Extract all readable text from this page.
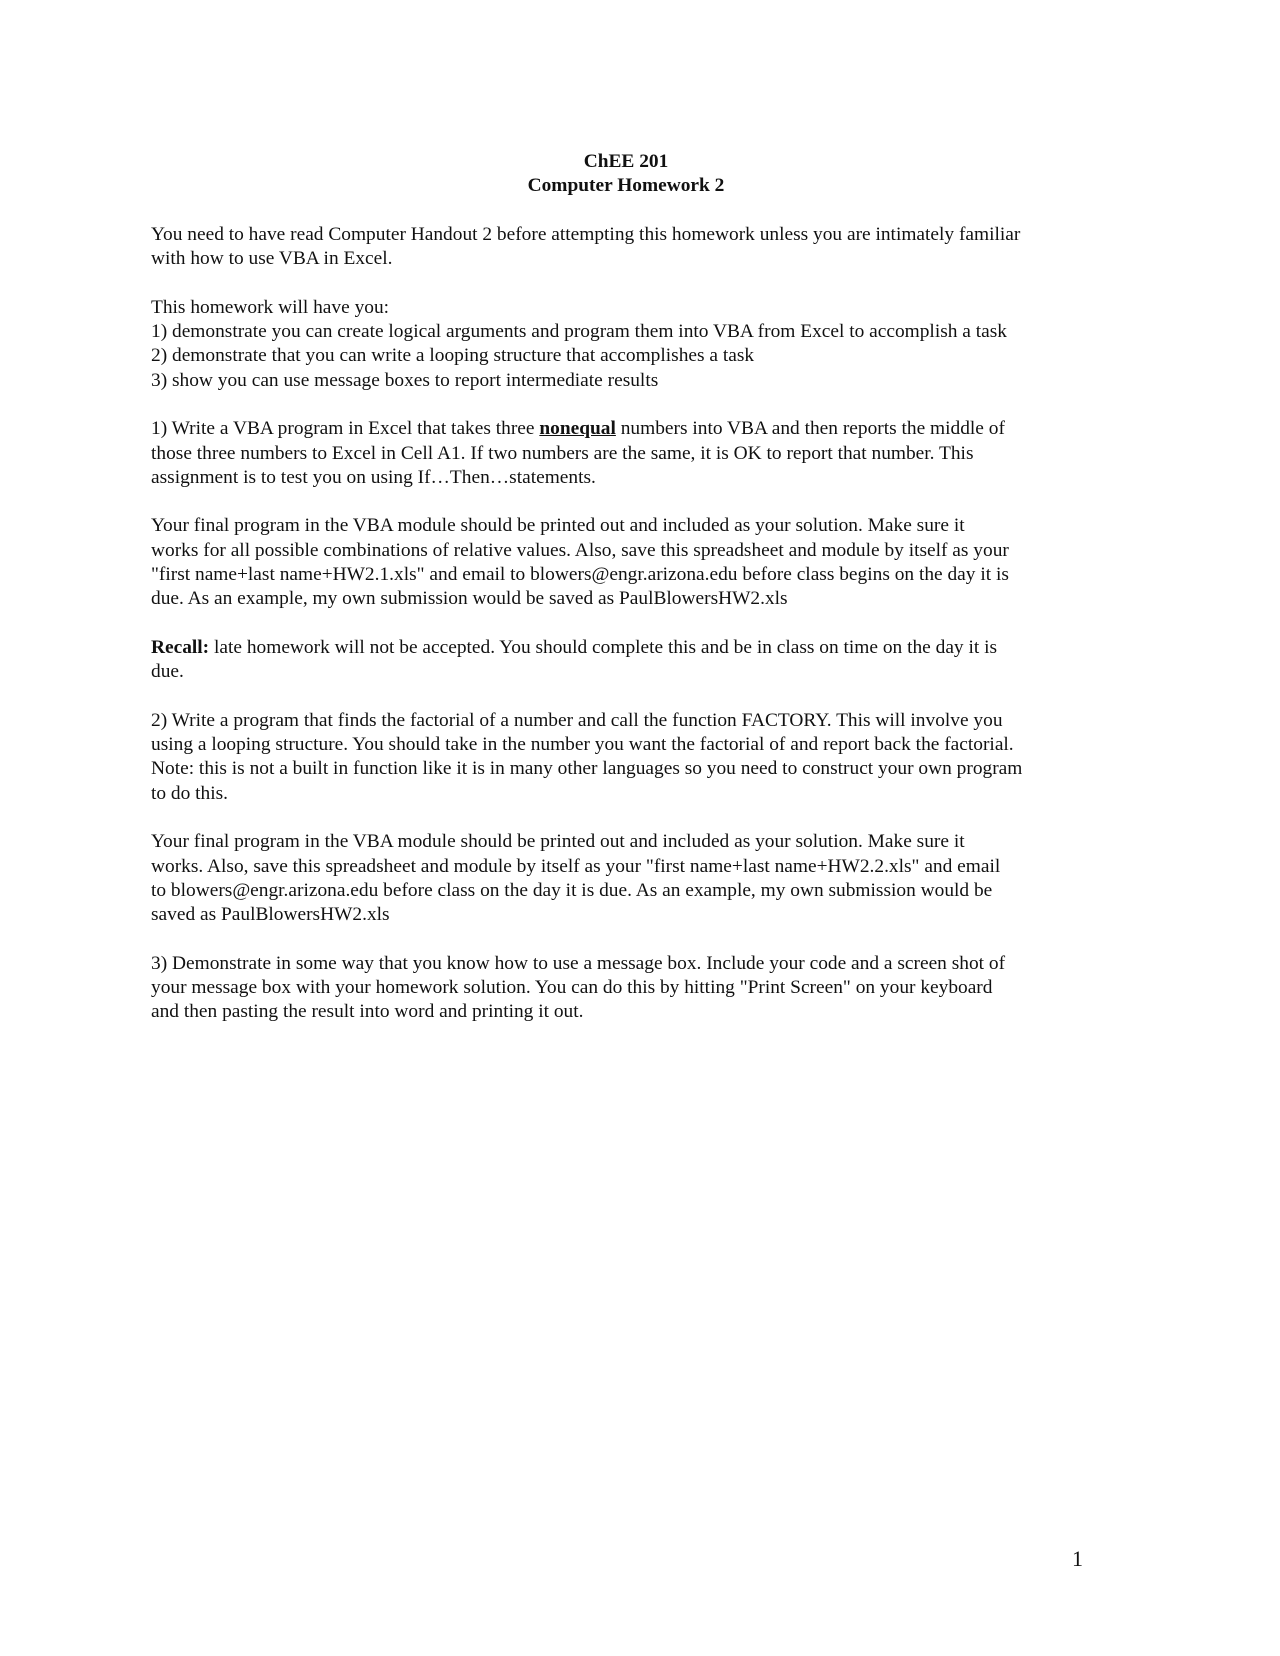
ChEE 201

Computer Homework 2

You need to have read Computer Handout 2 before attempting this homework unless you are intimately familiar
with how to use VBA in Excel.

This homework will have you:
1) demonstrate you can create logical arguments and program them into VBA from Excel to accomplish a task
2) demonstrate that you can write a looping structure that accomplishes a task
3) show you can use message boxes to report intermediate results

1) Write a VBA program in Excel that takes three nonequal numbers into VBA and then reports the middle of
those three numbers to Excel in Cell A1. If two numbers are the same, it is OK to report that number. This
assignment is to test you on using If…Then…statements.

Your final program in the VBA module should be printed out and included as your solution. Make sure it
works for all possible combinations of relative values. Also, save this spreadsheet and module by itself as your
"first name+last name+HW2.1.xls" and email to blowers@engr.arizona.edu before class begins on the day it is
due. As an example, my own submission would be saved as PaulBlowersHW2.xls

Recall: late homework will not be accepted. You should complete this and be in class on time on the day it is
due.

2) Write a program that finds the factorial of a number and call the function FACTORY. This will involve you
using a looping structure. You should take in the number you want the factorial of and report back the factorial.
Note: this is not a built in function like it is in many other languages so you need to construct your own program
to do this.

Your final program in the VBA module should be printed out and included as your solution. Make sure it
works. Also, save this spreadsheet and module by itself as your "first name+last name+HW2.2.xls" and email
to blowers@engr.arizona.edu before class on the day it is due. As an example, my own submission would be
saved as PaulBlowersHW2.xls

3) Demonstrate in some way that you know how to use a message box. Include your code and a screen shot of
your message box with your homework solution. You can do this by hitting "Print Screen" on your keyboard
and then pasting the result into word and printing it out.

1
